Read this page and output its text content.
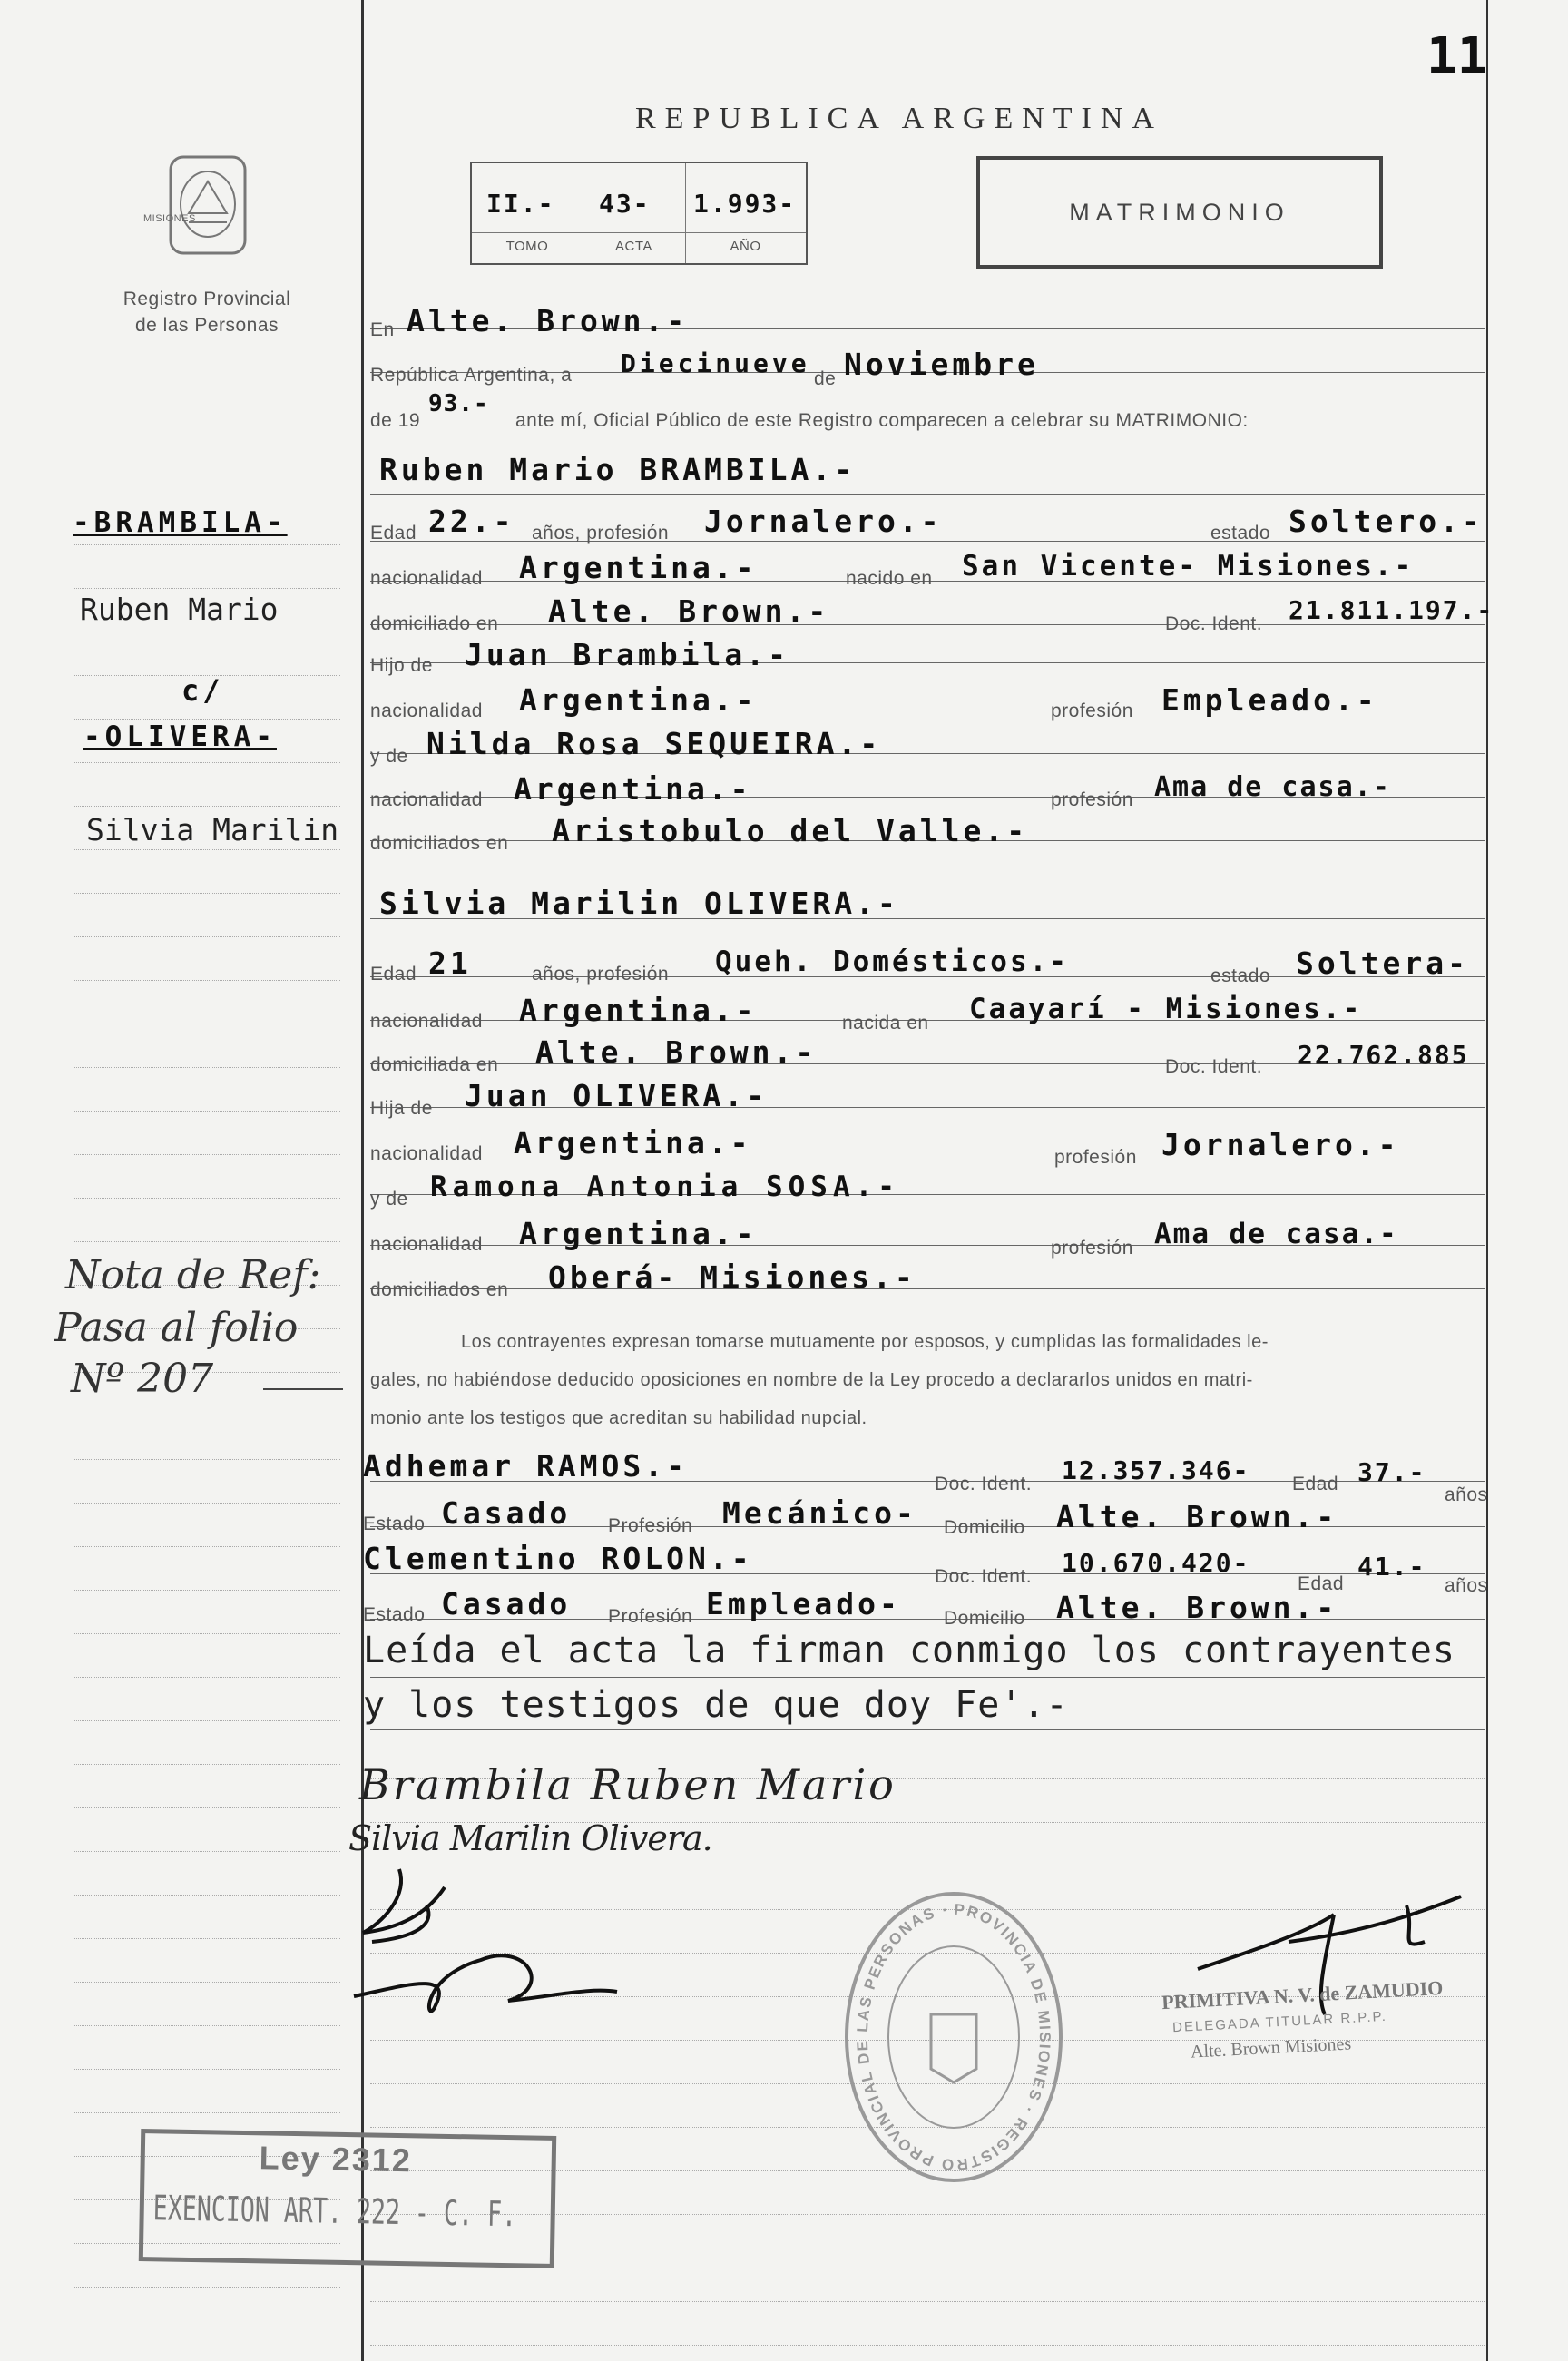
11
REPUBLICA ARGENTINA
MISIONES
Registro Provincial
de las Personas
II.- 43- 1.993-
TOMO	ACTA	AÑO
MATRIMONIO
-BRAMBILA-
Ruben Mario
c/
-OLIVERA-
Silvia Marilin
Nota de Ref:
Pasa al folio
Nº 207
En Alte. Brown.-
República Argentina, a Diecinueve
de Noviembre
de 19
93.-
ante mí, Oficial Público de este Registro comparecen a celebrar su MATRIMONIO:
Ruben Mario BRAMBILA.-
Edad 22.- años, profesión Jornalero.-	estado Soltero.-
nacionalidad Argentina.-	nacido en San Vicente- Misiones.-
domiciliado en Alte. Brown.-	Doc. Ident. 21.811.197.-
Hijo de Juan Brambila.-
nacionalidad Argentina.-	profesión Empleado.-
y de Nilda Rosa SEQUEIRA.-
nacionalidad Argentina.-	profesión Ama de casa.-
domiciliados en Aristobulo del Valle.-
Silvia Marilin OLIVERA.-
Edad 21	años, profesión Queh. Domésticos.-	estado Soltera-
nacionalidad Argentina.-	nacida en Caayarí - Misiones.-
domiciliada en Alte. Brown.-	Doc. Ident. 22.762.885
Hija de Juan OLIVERA.-
nacionalidad Argentina.-	profesión Jornalero.-
y de Ramona Antonia SOSA.-
nacionalidad Argentina.-	profesión Ama de casa.-
domiciliados en Oberá- Misiones.-
Los contrayentes expresan tomarse mutuamente por esposos, y cumplidas las formalidades le-
gales, no habiéndose deducido oposiciones en nombre de la Ley procedo a declararlos unidos en matri-
monio ante los testigos que acreditan su habilidad nupcial.
Adhemar RAMOS.-
Doc. Ident. 12.357.346- Edad 37.-
años
Estado Casado Profesión Mecánico- Domicilio Alte. Brown.-
Clementino ROLON.-
Doc. Ident. 10.670.420-
Edad
41.-
años
Estado Casado Profesión Empleado- Domicilio Alte. Brown.-
Leída el acta la firman conmigo los contrayentes
y los testigos de que doy Fe'.-
Brambila Ruben Mario
Silvia Marilin Olivera.
PRIMITIVA N. V. de ZAMUDIO
DELEGADA TITULAR R.P.P.
Alte. Brown Misiones
PROVINCIA DE MISIONES · REGISTRO PROVINCIAL DE LAS PERSONAS ·
Ley 2312
EXENCION ART. 222 - C. F.
